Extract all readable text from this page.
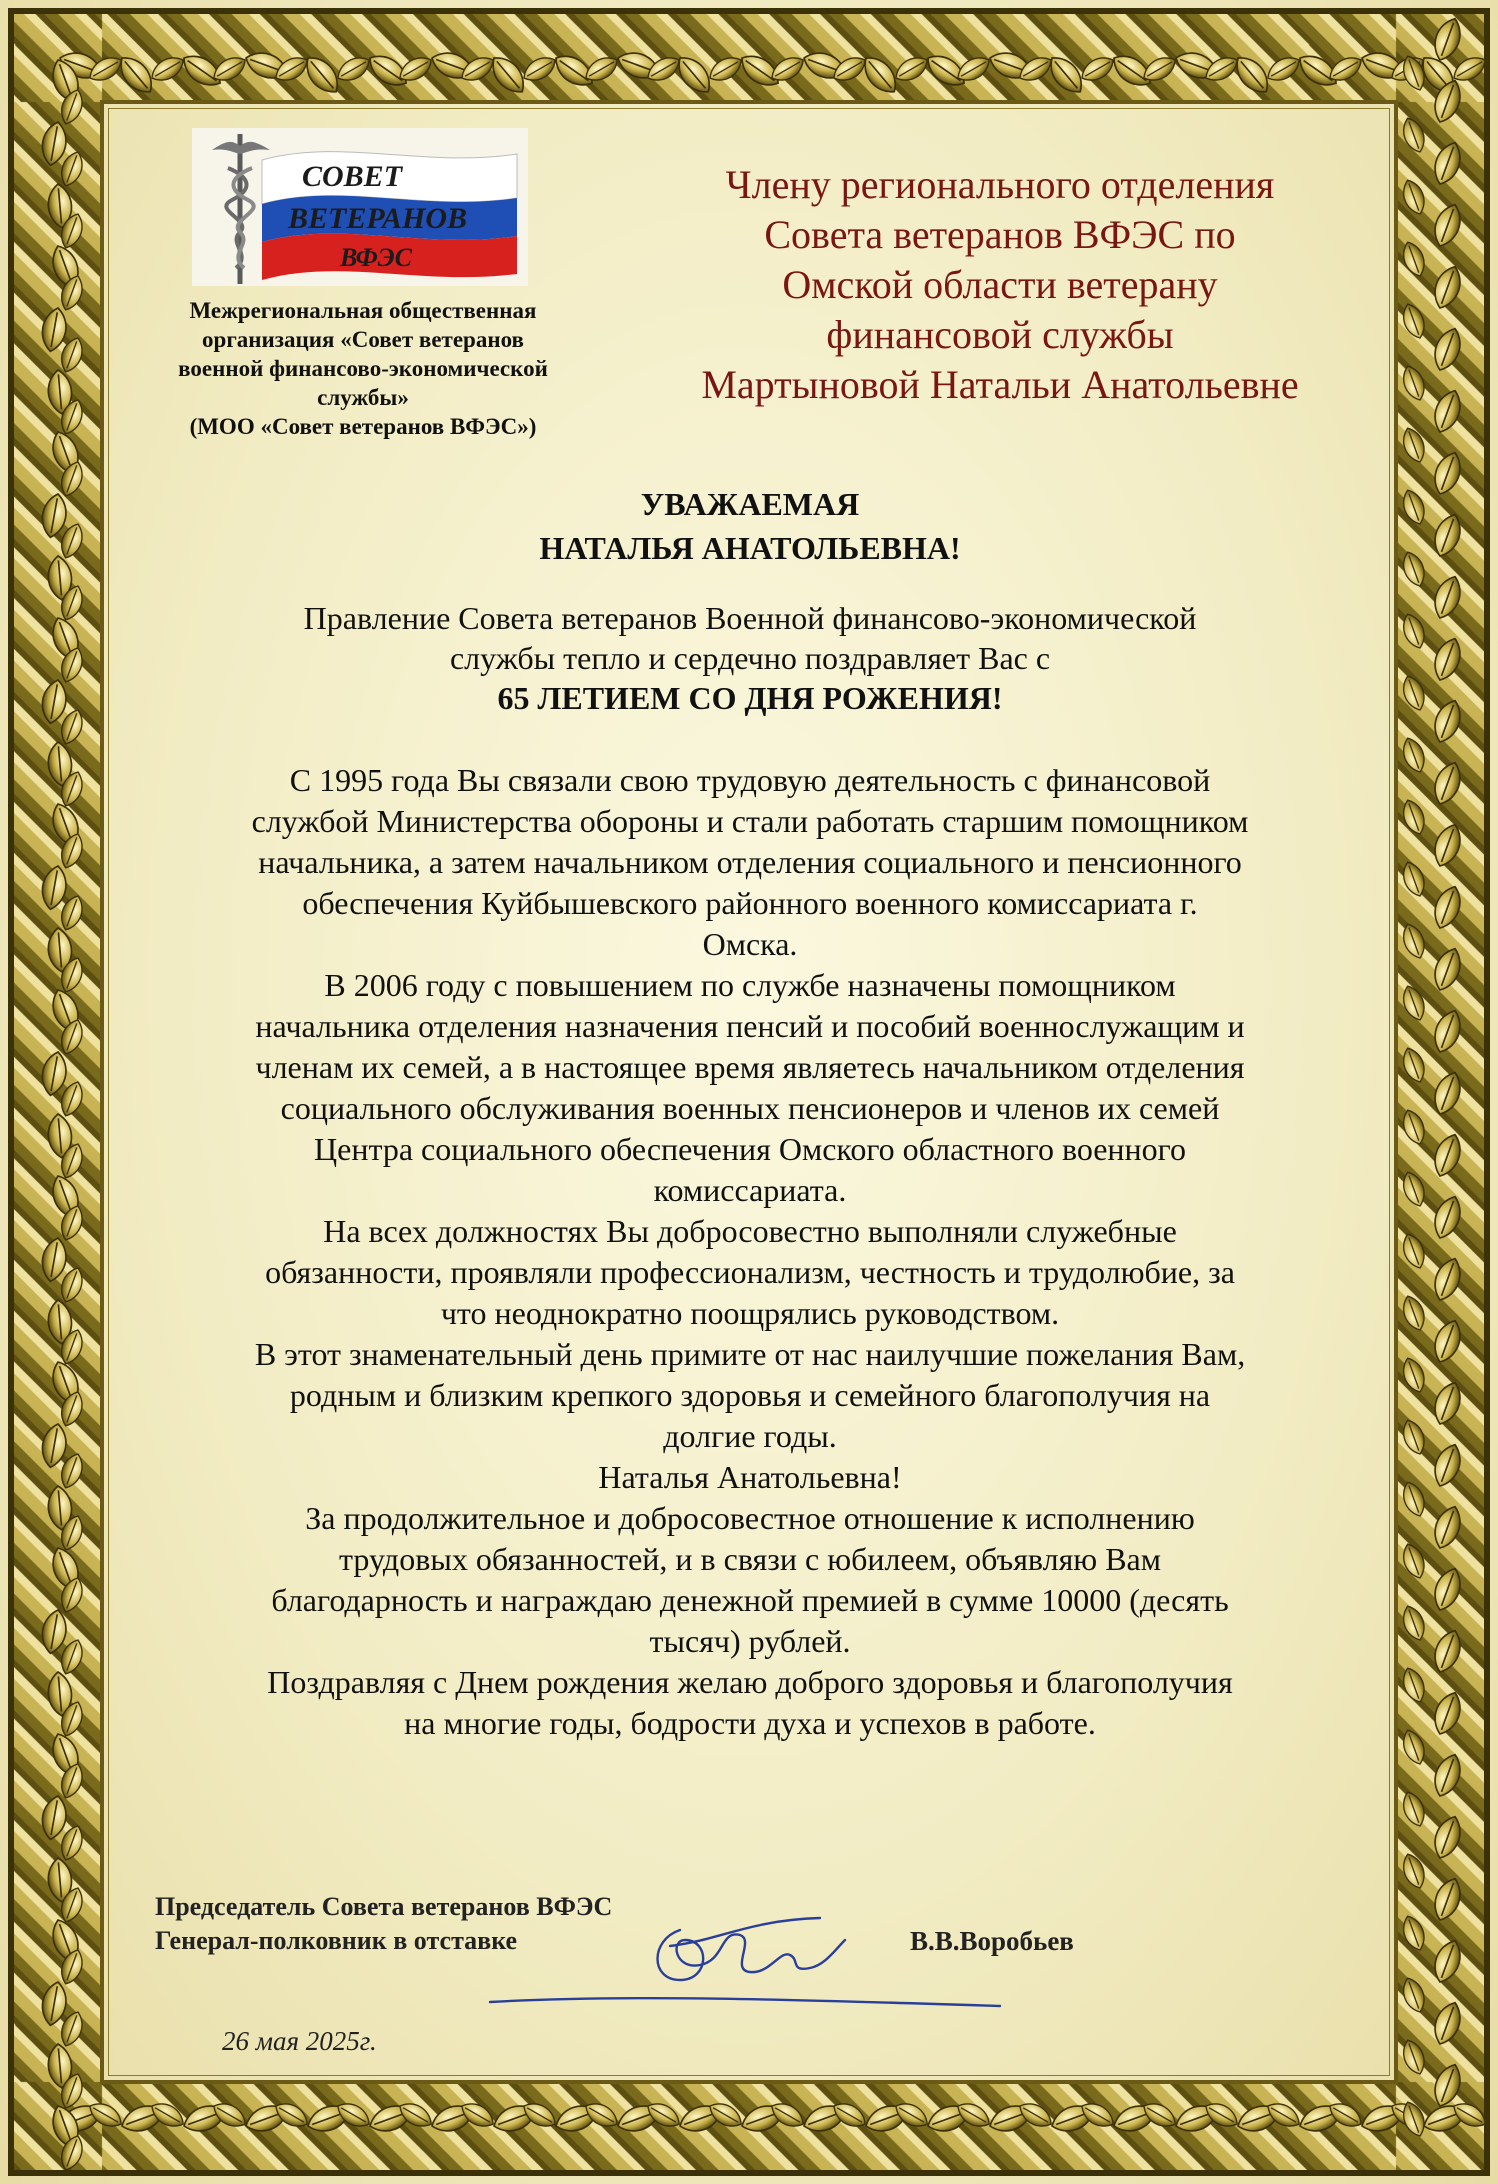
СОВЕТ
ВЕТЕРАНОВ
ВФЭС
Межрегиональная общественная
организация «Совет ветеранов
военной финансово-экономической
службы»
(МОО «Совет ветеранов ВФЭС»)
Члену регионального отделения
Совета ветеранов ВФЭС по
Омской области ветерану
финансовой службы
Мартыновой Натальи Анатольевне
УВАЖАЕМАЯ
НАТАЛЬЯ АНАТОЛЬЕВНА!
Правление Совета ветеранов Военной финансово-экономической
службы тепло и сердечно поздравляет Вас с
65 ЛЕТИЕМ СО ДНЯ РОЖЕНИЯ!
С 1995 года Вы связали свою трудовую деятельность с финансовой
службой Министерства обороны и стали работать старшим помощником
начальника, а затем начальником отделения социального и пенсионного
обеспечения Куйбышевского районного военного комиссариата г.
Омска.
В 2006 году с повышением по службе назначены помощником
начальника отделения назначения пенсий и пособий военнослужащим и
членам их семей, а в настоящее время являетесь начальником отделения
социального обслуживания военных пенсионеров и членов их семей
Центра социального обеспечения Омского областного военного
комиссариата.
На всех должностях Вы добросовестно выполняли служебные
обязанности, проявляли профессионализм, честность и трудолюбие, за
что неоднократно поощрялись руководством.
В этот знаменательный день примите от нас наилучшие пожелания Вам,
родным и близким крепкого здоровья и семейного благополучия на
долгие годы.
Наталья Анатольевна!
За продолжительное и добросовестное отношение к исполнению
трудовых обязанностей, и в связи с юбилеем, объявляю Вам
благодарность и награждаю денежной премией в сумме 10000 (десять
тысяч) рублей.
Поздравляя с Днем рождения желаю доброго здоровья и благополучия
на многие годы, бодрости духа и успехов в работе.
Председатель Совета ветеранов ВФЭС
Генерал-полковник в отставке	В.В.Воробьев
26 мая 2025г.
